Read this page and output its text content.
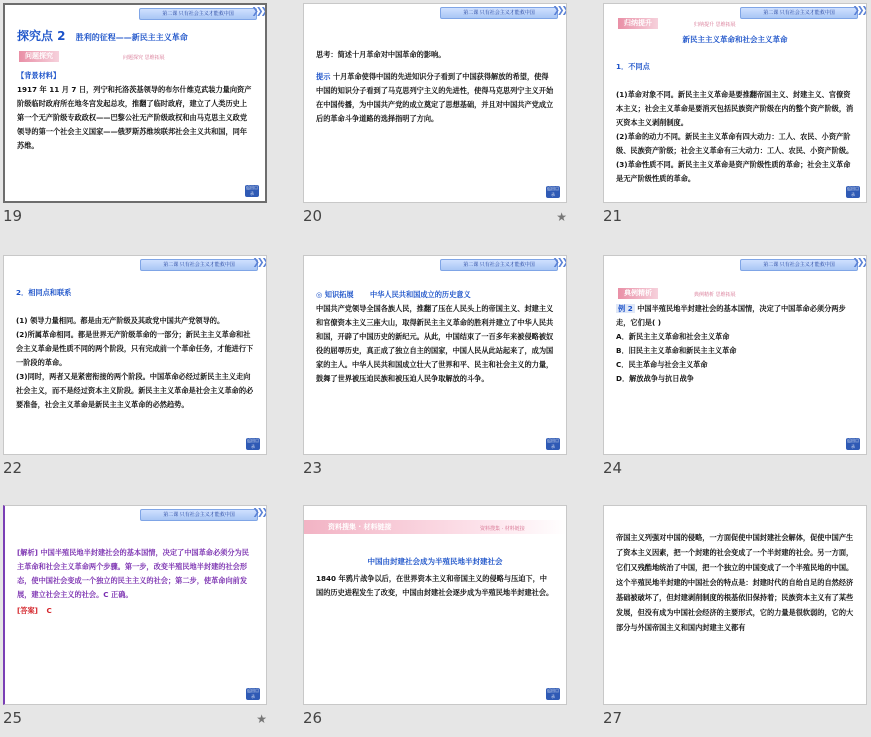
第二课 只有社会主义才能救中国	❯❯❯
探究点 2 胜利的征程——新民主主义革命
问题探究	问题探究 思维拓展
【背景材料】
1917 年 11 月 7 日，列宁和托洛茨基领导的布尔什维克武装力量向资产阶级临时政府所在地冬宫发起总攻，推翻了临时政府，建立了人类历史上第一个无产阶级专政政权——巴黎公社无产阶级政权和由马克思主义政党领导的第一个社会主义国家——俄罗斯苏维埃联邦社会主义共和国，同年苏维。
返回目录
19
第二课 只有社会主义才能救中国	❯❯❯
思考：简述十月革命对中国革命的影响。
提示 十月革命使得中国的先进知识分子看到了中国获得解放的希望，使得中国的知识分子看到了马克思列宁主义的先进性，使得马克思列宁主义开始在中国传播，为中国共产党的成立奠定了思想基础，并且对中国共产党成立后的革命斗争道路的选择指明了方向。
返回目录
20	★
第二课 只有社会主义才能救中国	❯❯❯
归纳提升	归纳提升 思维拓展
新民主主义革命和社会主义革命

1．不同点

(1)革命对象不同。新民主主义革命是要推翻帝国主义、封建主义、官僚资本主义；社会主义革命是要消灭包括民族资产阶级在内的整个资产阶级，消灭资本主义剥削制度。
(2)革命的动力不同。新民主主义革命有四大动力：工人、农民、小资产阶级、民族资产阶级；社会主义革命有三大动力：工人、农民、小资产阶级。
(3)革命性质不同。新民主主义革命是资产阶级性质的革命；社会主义革命是无产阶级性质的革命。

返回目录
21
第二课 只有社会主义才能救中国	❯❯❯

2．相同点和联系

(1) 领导力量相同。都是由无产阶级及其政党中国共产党领导的。
(2)所属革命相同。都是世界无产阶级革命的一部分；新民主主义革命和社会主义革命是性质不同的两个阶段，只有完成前一个革命任务，才能进行下一阶段的革命。
(3)同时，两者又是紧密衔接的两个阶段。中国革命必经过新民主主义走向社会主义，而不是经过资本主义阶段。新民主主义革命是社会主义革命的必要准备，社会主义革命是新民主主义革命的必然趋势。

返回目录
22
第二课 只有社会主义才能救中国	❯❯❯
◎ 知识拓展 中华人民共和国成立的历史意义
中国共产党领导全国各族人民，推翻了压在人民头上的帝国主义、封建主义和官僚资本主义三座大山，取得新民主主义革命的胜利并建立了中华人民共和国，开辟了中国历史的新纪元。从此，中国结束了一百多年来被侵略被奴役的屈辱历史，真正成了独立自主的国家，中国人民从此站起来了，成为国家的主人。中华人民共和国成立壮大了世界和平、民主和社会主义的力量，鼓舞了世界被压迫民族和被压迫人民争取解放的斗争。
返回目录
23
第二课 只有社会主义才能救中国	❯❯❯
典例精析	典例精析 思维拓展
例 2 中国半殖民地半封建社会的基本国情，决定了中国革命必须分两步走，它们是( )
A．新民主主义革命和社会主义革命
B．旧民主主义革命和新民主主义革命
C．民主革命与社会主义革命
D．解放战争与抗日战争
返回目录
24
第二课 只有社会主义才能救中国	❯❯❯
[解析] 中国半殖民地半封建社会的基本国情，决定了中国革命必须分为民主革命和社会主义革命两个步骤。第一步，改变半殖民地半封建的社会形态，使中国社会变成一个独立的民主主义的社会；第二步，使革命向前发展，建立社会主义的社会。C 正确。
[答案] C
返回目录
25	★
资料搜集 · 材料链接	资料搜集 · 材料链接
中国由封建社会成为半殖民地半封建社会
1840 年鸦片战争以后，在世界资本主义和帝国主义的侵略与压迫下，中国的历史进程发生了改变，中国由封建社会逐步成为半殖民地半封建社会。
返回目录
26
帝国主义列强对中国的侵略，一方面促使中国封建社会解体，促使中国产生了资本主义因素，把一个封建的社会变成了一个半封建的社会。另一方面，它们又残酷地统治了中国，把一个独立的中国变成了一个半殖民地的中国。这个半殖民地半封建的中国社会的特点是：封建时代的自给自足的自然经济基础被破坏了，但封建剥削制度的根基依旧保持着；民族资本主义有了某些发展，但没有成为中国社会经济的主要形式，它的力量是很软弱的，它的大部分与外国帝国主义和国内封建主义都有
27
